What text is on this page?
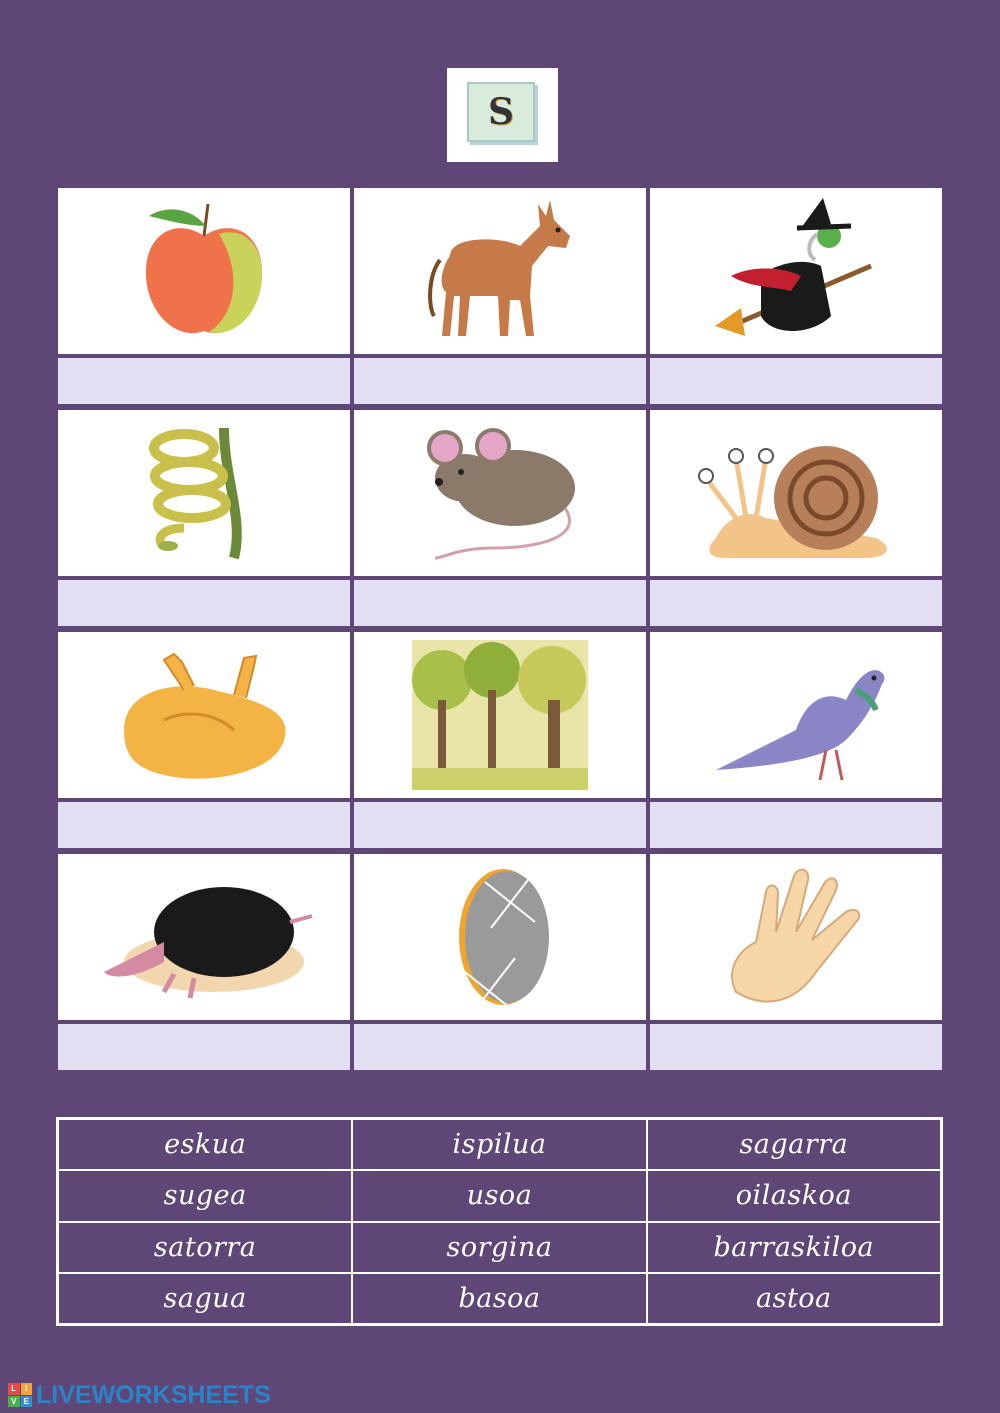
S
eskua	ispilua	sagarra
sugea	usoa	oilaskoa
satorra	sorgina	barraskiloa
sagua	basoa	astoa
L	I
V E LIVEWORKSHEETS
